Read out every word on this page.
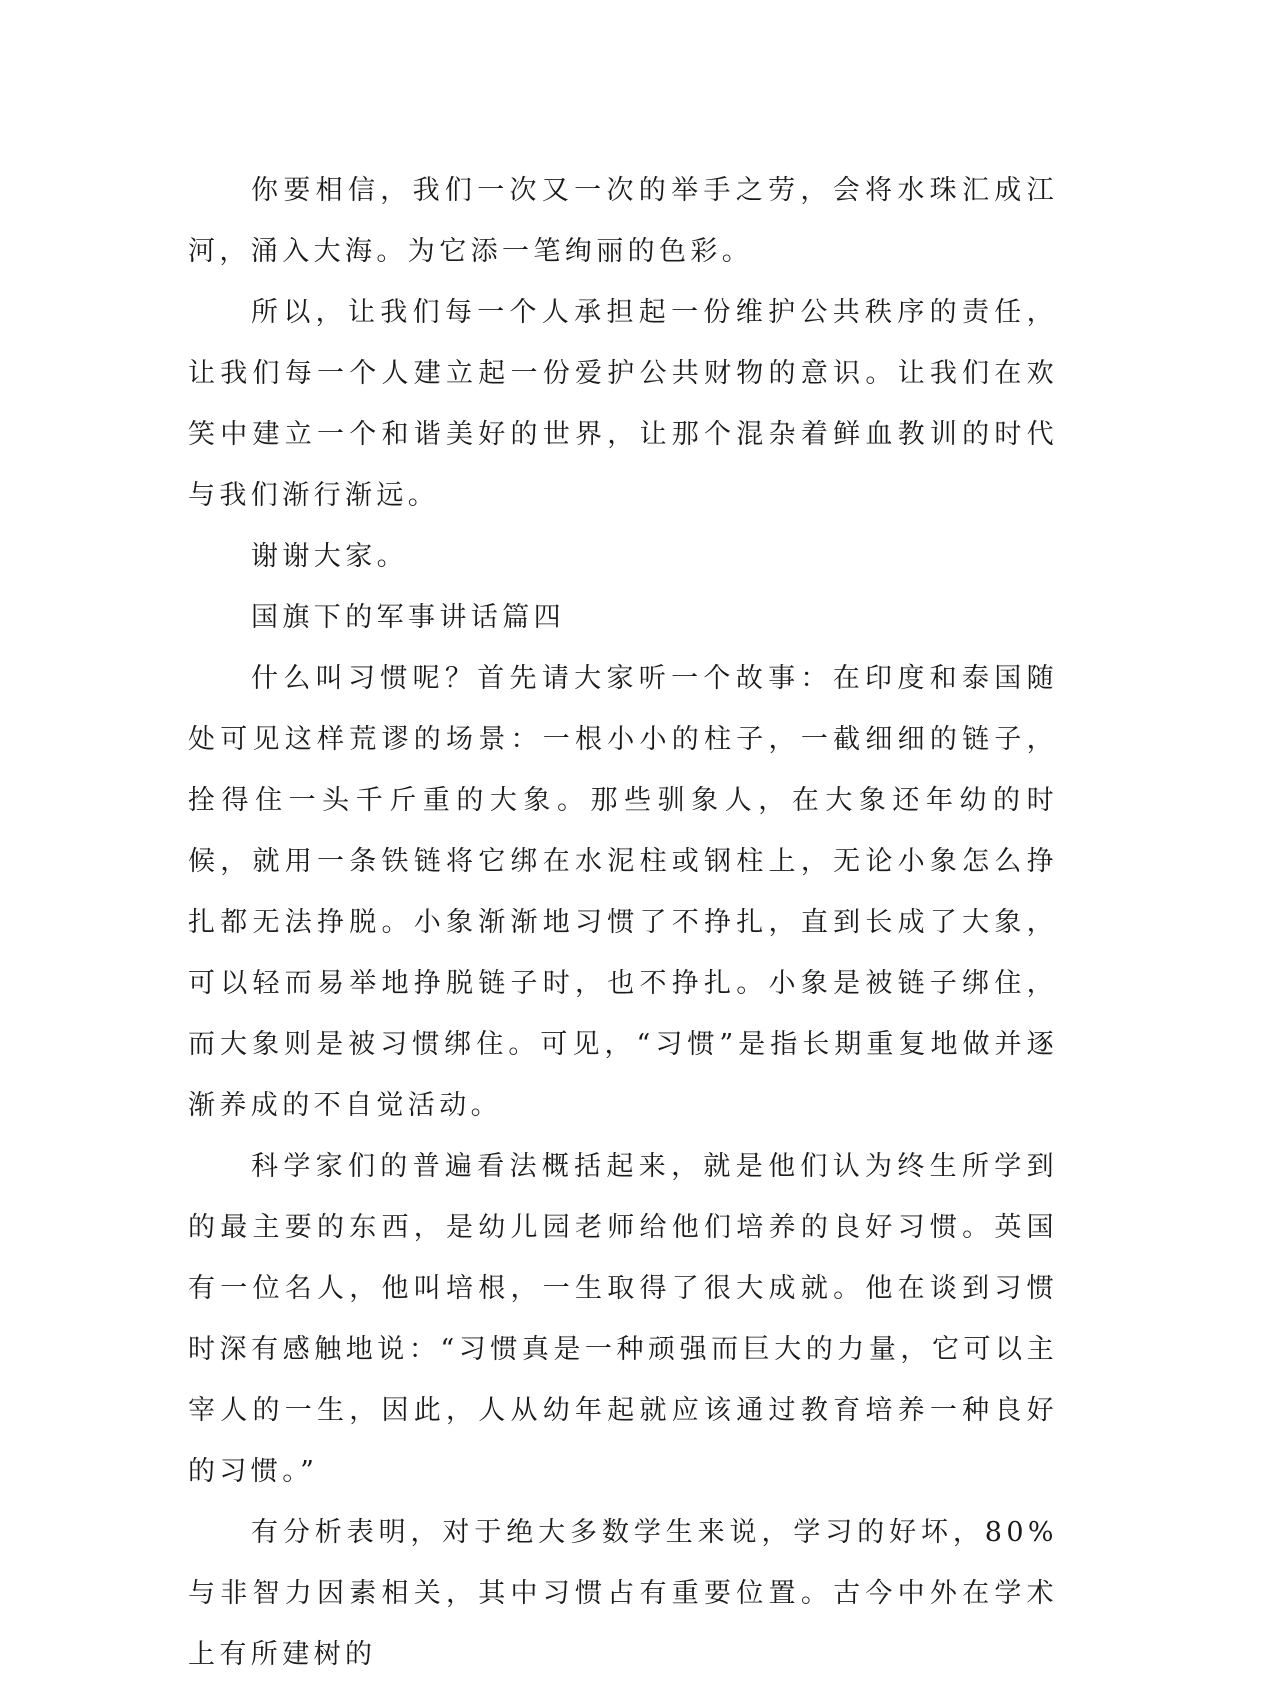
你要相信，我们一次又一次的举手之劳，会将水珠汇成江河，涌入大海。为它添一笔绚丽的色彩。

所以，让我们每一个人承担起一份维护公共秩序的责任，让我们每一个人建立起一份爱护公共财物的意识。让我们在欢笑中建立一个和谐美好的世界，让那个混杂着鲜血教训的时代与我们渐行渐远。

谢谢大家。

国旗下的军事讲话篇四

什么叫习惯呢？首先请大家听一个故事：在印度和泰国随处可见这样荒谬的场景：一根小小的柱子，一截细细的链子，拴得住一头千斤重的大象。那些驯象人，在大象还年幼的时候，就用一条铁链将它绑在水泥柱或钢柱上，无论小象怎么挣扎都无法挣脱。小象渐渐地习惯了不挣扎，直到长成了大象，可以轻而易举地挣脱链子时，也不挣扎。小象是被链子绑住，而大象则是被习惯绑住。可见，“习惯”是指长期重复地做并逐渐养成的不自觉活动。

科学家们的普遍看法概括起来，就是他们认为终生所学到的最主要的东西，是幼儿园老师给他们培养的良好习惯。英国有一位名人，他叫培根，一生取得了很大成就。他在谈到习惯时深有感触地说：“习惯真是一种顽强而巨大的力量，它可以主宰人的一生，因此，人从幼年起就应该通过教育培养一种良好的习惯。”

有分析表明，对于绝大多数学生来说，学习的好坏，80%与非智力因素相关，其中习惯占有重要位置。古今中外在学术上有所建树的
